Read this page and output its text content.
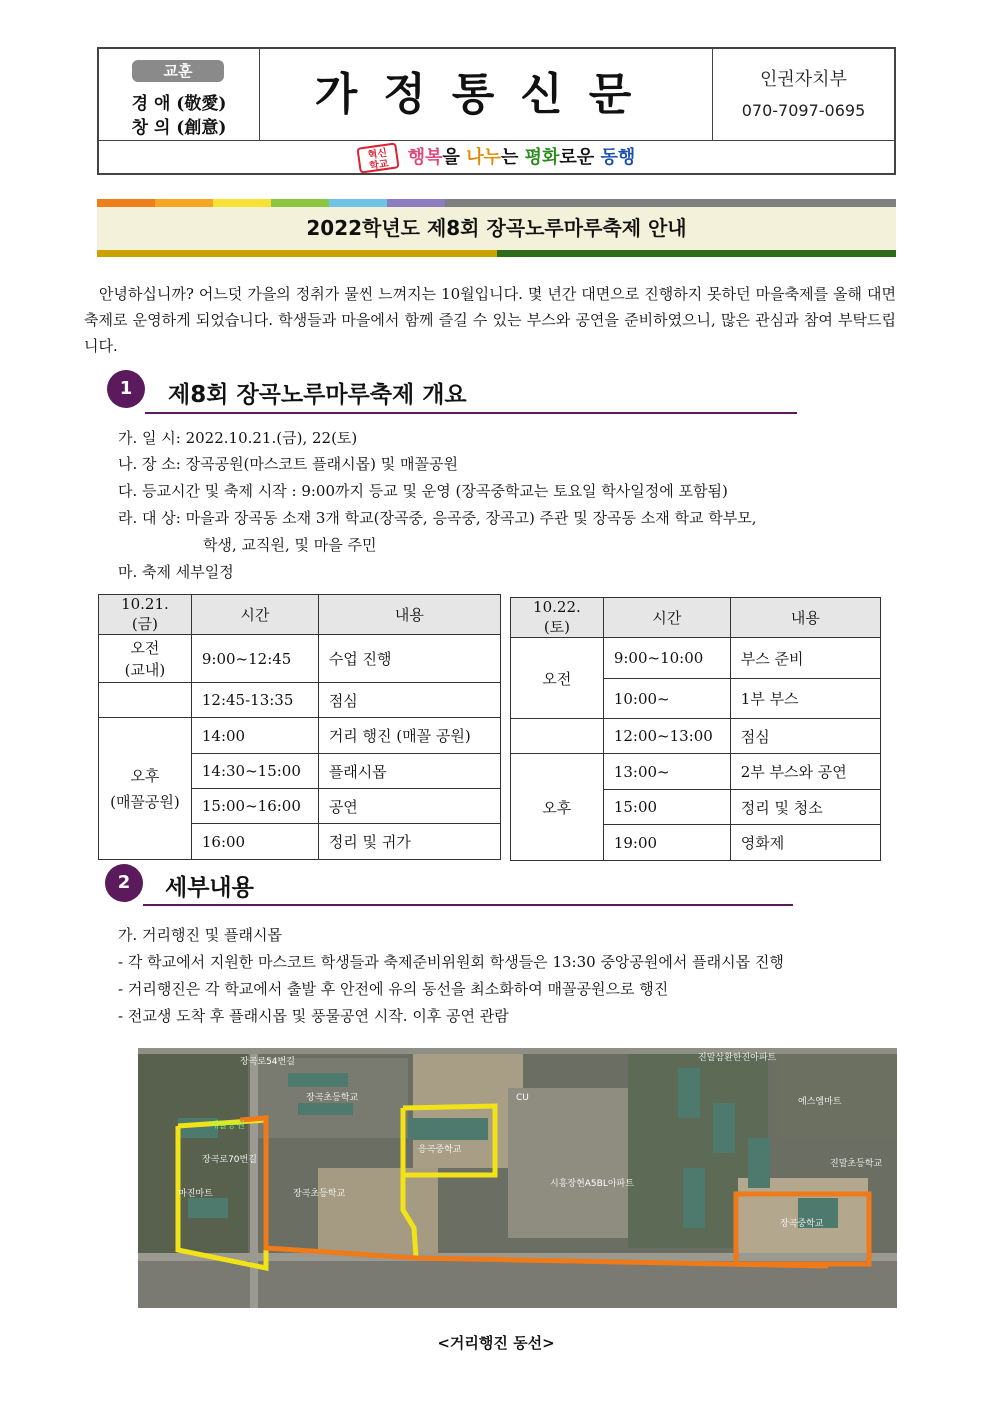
교훈
경 애 (敬愛)
창 의 (創意)
가정통신문	인권자치부
070-7097-0695
혁신
학교 행복을 나누는 평화로운 동행
2022학년도 제8회 장곡노루마루축제 안내
안녕하십니까? 어느덧 가을의 정취가 물씬 느껴지는 10월입니다. 몇 년간 대면으로 진행하지 못하던 마을축제를 올해 대면 축제로 운영하게 되었습니다. 학생들과 마을에서 함께 즐길 수 있는 부스와 공연을 준비하였으니, 많은 관심과 참여 부탁드립니다.
1	제8회 장곡노루마루축제 개요
가. 일 시: 2022.10.21.(금), 22(토)
나. 장 소: 장곡공원(마스코트 플래시몹) 및 매꼴공원
다. 등교시간 및 축제 시작 : 9:00까지 등교 및 운영 (장곡중학교는 토요일 학사일정에 포함됨)
라. 대 상: 마을과 장곡동 소재 3개 학교(장곡중, 응곡중, 장곡고) 주관 및 장곡동 소재 학교 학부모,
학생, 교직원, 및 마을 주민
마. 축제 세부일정
10.21.(금)	시간	내용
오전
(교내)	9:00~12:45	수업 진행
	12:45-13:35	점심
오후
(매꼴공원)	14:00	거리 행진 (매꼴 공원)
	14:30~15:00	플래시몹
	15:00~16:00	공연
	16:00	정리 및 귀가
10.22.(토)	시간	내용
오전	9:00~10:00	부스 준비
	10:00~	1부 부스
	12:00~13:00	점심
오후	13:00~	2부 부스와 공연
	15:00	정리 및 청소
	19:00	영화제
2	세부내용
가. 거리행진 및 플래시몹
- 각 학교에서 지원한 마스코트 학생들과 축제준비위원회 학생들은 13:30 중앙공원에서 플래시몹 진행
- 거리행진은 각 학교에서 출발 후 안전에 유의 동선을 최소화하여 매꼴공원으로 행진
- 전교생 도착 후 플래시몹 및 풍물공연 시작. 이후 공연 관람
장곡초등학교
응곡중학교
장곡초등학교
매꼴공원
장곡중학교
진말삼환한진아파트
시흥장현A5BL아파트
마진마트
CU
진말초등학교
장곡로54번길
장곡로70번길
에스엠마트
<거리행진 동선>
